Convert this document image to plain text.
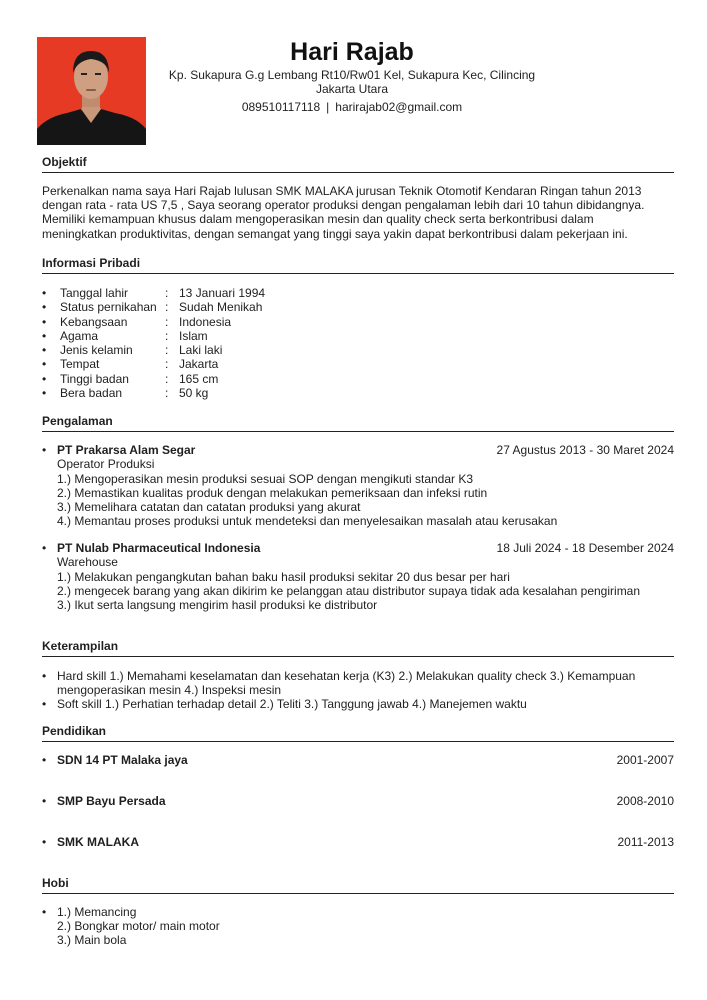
Hari Rajab
Kp. Sukapura G.g Lembang Rt10/Rw01 Kel, Sukapura Kec, Cilincing
Jakarta Utara
089510117118 | harirajab02@gmail.com
Objektif

Perkenalkan nama saya Hari Rajab lulusan SMK MALAKA jurusan Teknik Otomotif Kendaran Ringan tahun 2013

dengan rata - rata US 7,5 , Saya seorang operator produksi dengan pengalaman lebih dari 10 tahun dibidangnya.

Memiliki kemampuan khusus dalam mengoperasikan mesin dan quality check serta berkontribusi dalam

meningkatkan produktivitas, dengan semangat yang tinggi saya yakin dapat berkontribusi dalam pekerjaan ini.

Informasi Pribadi
•
Tanggal lahir	: 13 Januari 1994
•
Status pernikahan : Sudah Menikah
•
Kebangsaan	: Indonesia
•
Agama	: Islam
•
Jenis kelamin	: Laki laki
•
Tempat	: Jakarta
•
Tinggi badan	: 165 cm
•
Bera badan	: 50 kg
Pengalaman
•
PT Prakarsa Alam Segar	27 Agustus 2013 - 30 Maret 2024
Operator Produksi
1.) Mengoperasikan mesin produksi sesuai SOP dengan mengikuti standar K3
2.) Memastikan kualitas produk dengan melakukan pemeriksaan dan infeksi rutin
3.) Memelihara catatan dan catatan produksi yang akurat
4.) Memantau proses produksi untuk mendeteksi dan menyelesaikan masalah atau kerusakan
•
PT Nulab Pharmaceutical Indonesia	18 Juli 2024 - 18 Desember 2024
Warehouse
1.) Melakukan pengangkutan bahan baku hasil produksi sekitar 20 dus besar per hari
2.) mengecek barang yang akan dikirim ke pelanggan atau distributor supaya tidak ada kesalahan pengiriman
3.) Ikut serta langsung mengirim hasil produksi ke distributor
Keterampilan
•
Hard skill 1.) Memahami keselamatan dan kesehatan kerja (K3) 2.) Melakukan quality check 3.) Kemampuan
mengoperasikan mesin 4.) Inspeksi mesin
•
Soft skill 1.) Perhatian terhadap detail 2.) Teliti 3.) Tanggung jawab 4.) Manejemen waktu
Pendidikan
•
SDN 14 PT Malaka jaya	2001-2007
•
SMP Bayu Persada	2008-2010
•
SMK MALAKA	2011-2013
Hobi
•
1.) Memancing
2.) Bongkar motor/ main motor
3.) Main bola
